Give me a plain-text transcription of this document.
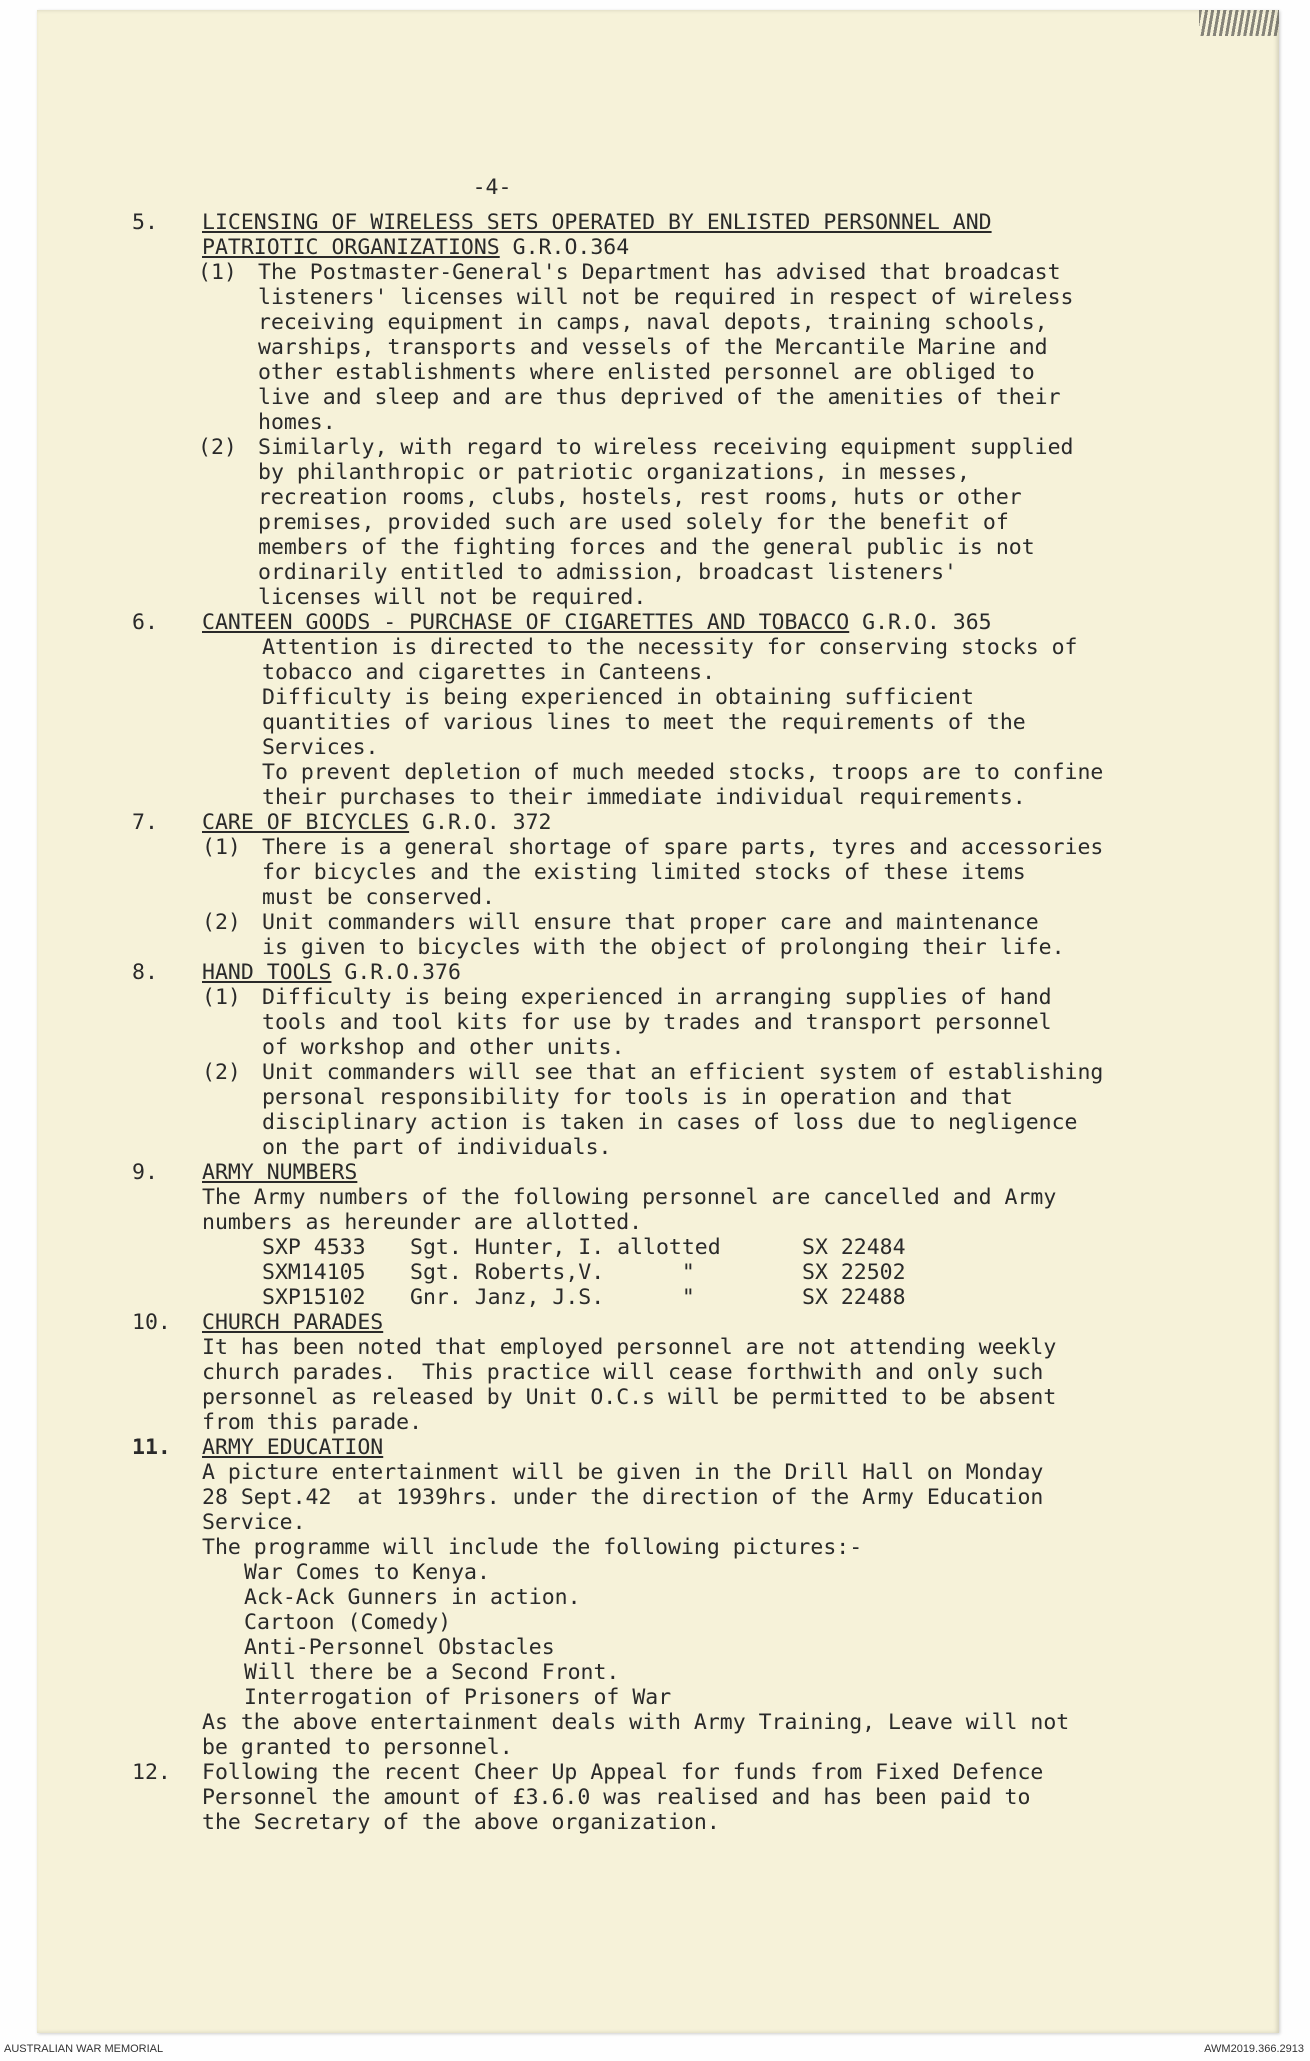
-4-
5. LICENSING OF WIRELESS SETS OPERATED BY ENLISTED PERSONNEL AND
PATRIOTIC ORGANIZATIONS G.R.O.364
(1) The Postmaster-General's Department has advised that broadcast
listeners' licenses will not be required in respect of wireless
receiving equipment in camps, naval depots, training schools,
warships, transports and vessels of the Mercantile Marine and
other establishments where enlisted personnel are obliged to
live and sleep and are thus deprived of the amenities of their
homes.
(2) Similarly, with regard to wireless receiving equipment supplied
by philanthropic or patriotic organizations, in messes,
recreation rooms, clubs, hostels, rest rooms, huts or other
premises, provided such are used solely for the benefit of
members of the fighting forces and the general public is not
ordinarily entitled to admission, broadcast listeners'
licenses will not be required.
6. CANTEEN GOODS - PURCHASE OF CIGARETTES AND TOBACCO G.R.O. 365
Attention is directed to the necessity for conserving stocks of
tobacco and cigarettes in Canteens.
Difficulty is being experienced in obtaining sufficient
quantities of various lines to meet the requirements of the
Services.
To prevent depletion of much meeded stocks, troops are to confine
their purchases to their immediate individual requirements.
7. CARE OF BICYCLES G.R.O. 372
(1) There is a general shortage of spare parts, tyres and accessories
for bicycles and the existing limited stocks of these items
must be conserved.
(2) Unit commanders will ensure that proper care and maintenance
is given to bicycles with the object of prolonging their life.
8. HAND TOOLS G.R.O.376
(1) Difficulty is being experienced in arranging supplies of hand
tools and tool kits for use by trades and transport personnel
of workshop and other units.
(2) Unit commanders will see that an efficient system of establishing
personal responsibility for tools is in operation and that
disciplinary action is taken in cases of loss due to negligence
on the part of individuals.
9. ARMY NUMBERS
The Army numbers of the following personnel are cancelled and Army
numbers as hereunder are allotted.
SXP 4533	Sgt. Hunter, I. allotted	SX 22484
SXM14105	Sgt. Roberts,V.      "	SX 22502
SXP15102	Gnr. Janz, J.S.      "	SX 22488
10. CHURCH PARADES
It has been noted that employed personnel are not attending weekly
church parades.  This practice will cease forthwith and only such
personnel as released by Unit O.C.s will be permitted to be absent
from this parade.
11. ARMY EDUCATION
A picture entertainment will be given in the Drill Hall on Monday
28 Sept.42  at 1939hrs. under the direction of the Army Education
Service.
The programme will include the following pictures:-
War Comes to Kenya.
Ack-Ack Gunners in action.
Cartoon (Comedy)
Anti-Personnel Obstacles
Will there be a Second Front.
Interrogation of Prisoners of War
As the above entertainment deals with Army Training, Leave will not
be granted to personnel.
12. Following the recent Cheer Up Appeal for funds from Fixed Defence
Personnel the amount of £3.6.0 was realised and has been paid to
the Secretary of the above organization.
AUSTRALIAN WAR MEMORIAL	AWM2019.366.2913
